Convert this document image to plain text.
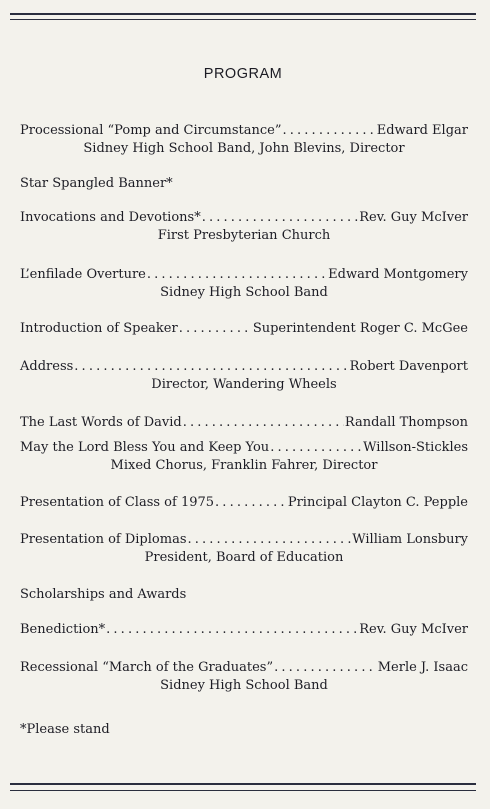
PROGRAM
Processional “Pomp and Circumstance” . . .	Edward Elgar
Sidney High School Band, John Blevins, Director
Star Spangled Banner*
Invocations and Devotions* . . .	Rev. Guy McIver
First Presbyterian Church
L’enfilade Overture . . .	Edward Montgomery
Sidney High School Band
Introduction of Speaker . . .	Superintendent Roger C. McGee
Address . . .	Robert Davenport
Director, Wandering Wheels
The Last Words of David . . .	Randall Thompson
May the Lord Bless You and Keep You . . .	Willson-Stickles
Mixed Chorus, Franklin Fahrer, Director
Presentation of Class of 1975 . . .	Principal Clayton C. Pepple
Presentation of Diplomas . . .	William Lonsbury
President, Board of Education
Scholarships and Awards
Benediction* . . .	Rev. Guy McIver
Recessional “March of the Graduates” . . .	Merle J. Isaac
Sidney High School Band
*Please stand
